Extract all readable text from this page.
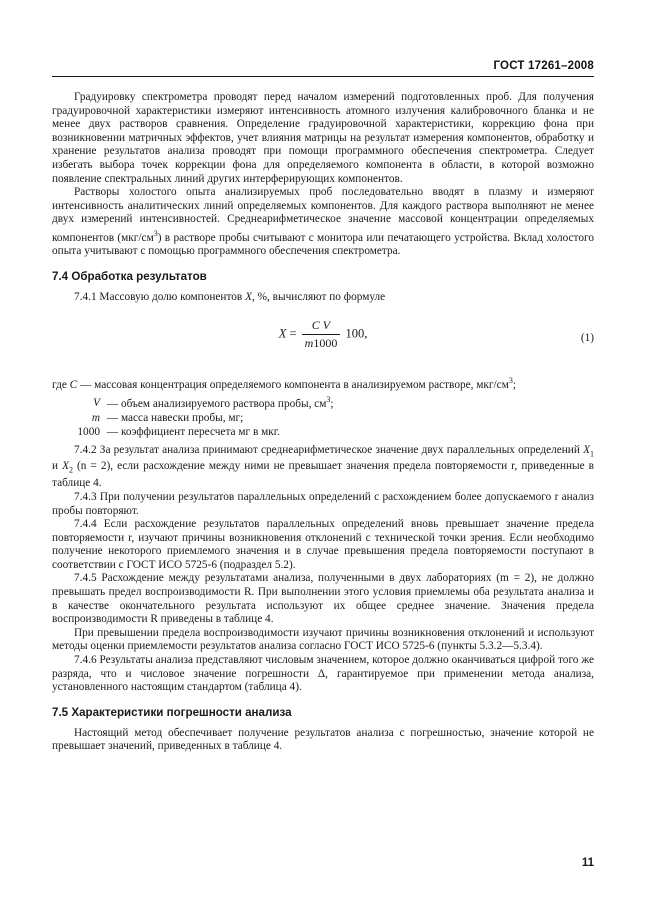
ГОСТ 17261–2008

Градуировку спектрометра проводят перед началом измерений подготовленных проб. Для получения градуировочной характеристики измеряют интенсивность атомного излучения калибровочного бланка и не менее двух растворов сравнения. Определение градуировочной характеристики, коррекцию фона при возникновении матричных эффектов, учет влияния матрицы на результат измерения компонентов, обработку и хранение результатов анализа проводят при помощи программного обеспечения спектрометра. Следует избегать выбора точек коррекции фона для определяемого компонента в области, в которой возможно появление спектральных линий других интерферирующих компонентов.

Растворы холостого опыта анализируемых проб последовательно вводят в плазму и измеряют интенсивность аналитических линий определяемых компонентов. Для каждого раствора выполняют не менее двух измерений интенсивностей. Среднеарифметическое значение массовой концентрации определяемых компонентов $(мкг/см^3)$ в растворе пробы считывают с монитора или печатающего устройства. Вклад холостого опыта учитывают с помощью программного обеспечения спектрометра.

7.4 Обработка результатов

7.4.1 Массовую долю компонентов X, %, вычисляют по формуле

$X = \frac{\text{C V}}{m1000} 100$,	(1)
где C — массовая концентрация определяемого компонента в анализируемом растворе, мкг/$см^3$;
V — объем анализируемого раствора пробы, $см^3$;
m — масса навески пробы, мг;
1000 — коэффициент пересчета мг в мкг.

7.4.2 За результат анализа принимают среднеарифметическое значение двух параллельных определений $X_1$ и $X_2$ (n = 2), если расхождение между ними не превышает значения предела повторяемости r, приведенные в таблице 4.

7.4.3 При получении результатов параллельных определений с расхождением более допускаемого r анализ пробы повторяют.

7.4.4 Если расхождение результатов параллельных определений вновь превышает значение предела повторяемости r, изучают причины возникновения отклонений с технической точки зрения. Если необходимо получение некоторого приемлемого значения и в случае превышения предела повторяемости поступают в соответствии с ГОСТ ИСО 5725-6 (подраздел 5.2).

7.4.5 Расхождение между результатами анализа, полученными в двух лабораториях (m = 2), не должно превышать предел воспроизводимости R. При выполнении этого условия приемлемы оба результата анализа и в качестве окончательного результата используют их общее среднее значение. Значения предела воспроизводимости R приведены в таблице 4.

При превышении предела воспроизводимости изучают причины возникновения отклонений и используют методы оценки приемлемости результатов анализа согласно ГОСТ ИСО 5725-6 (пункты 5.3.2—5.3.4).

7.4.6 Результаты анализа представляют числовым значением, которое должно оканчиваться цифрой того же разряда, что и числовое значение погрешности Δ, гарантируемое при применении метода анализа, установленного настоящим стандартом (таблица 4).

7.5 Характеристики погрешности анализа

Настоящий метод обеспечивает получение результатов анализа с погрешностью, значение которой не превышает значений, приведенных в таблице 4.

11
